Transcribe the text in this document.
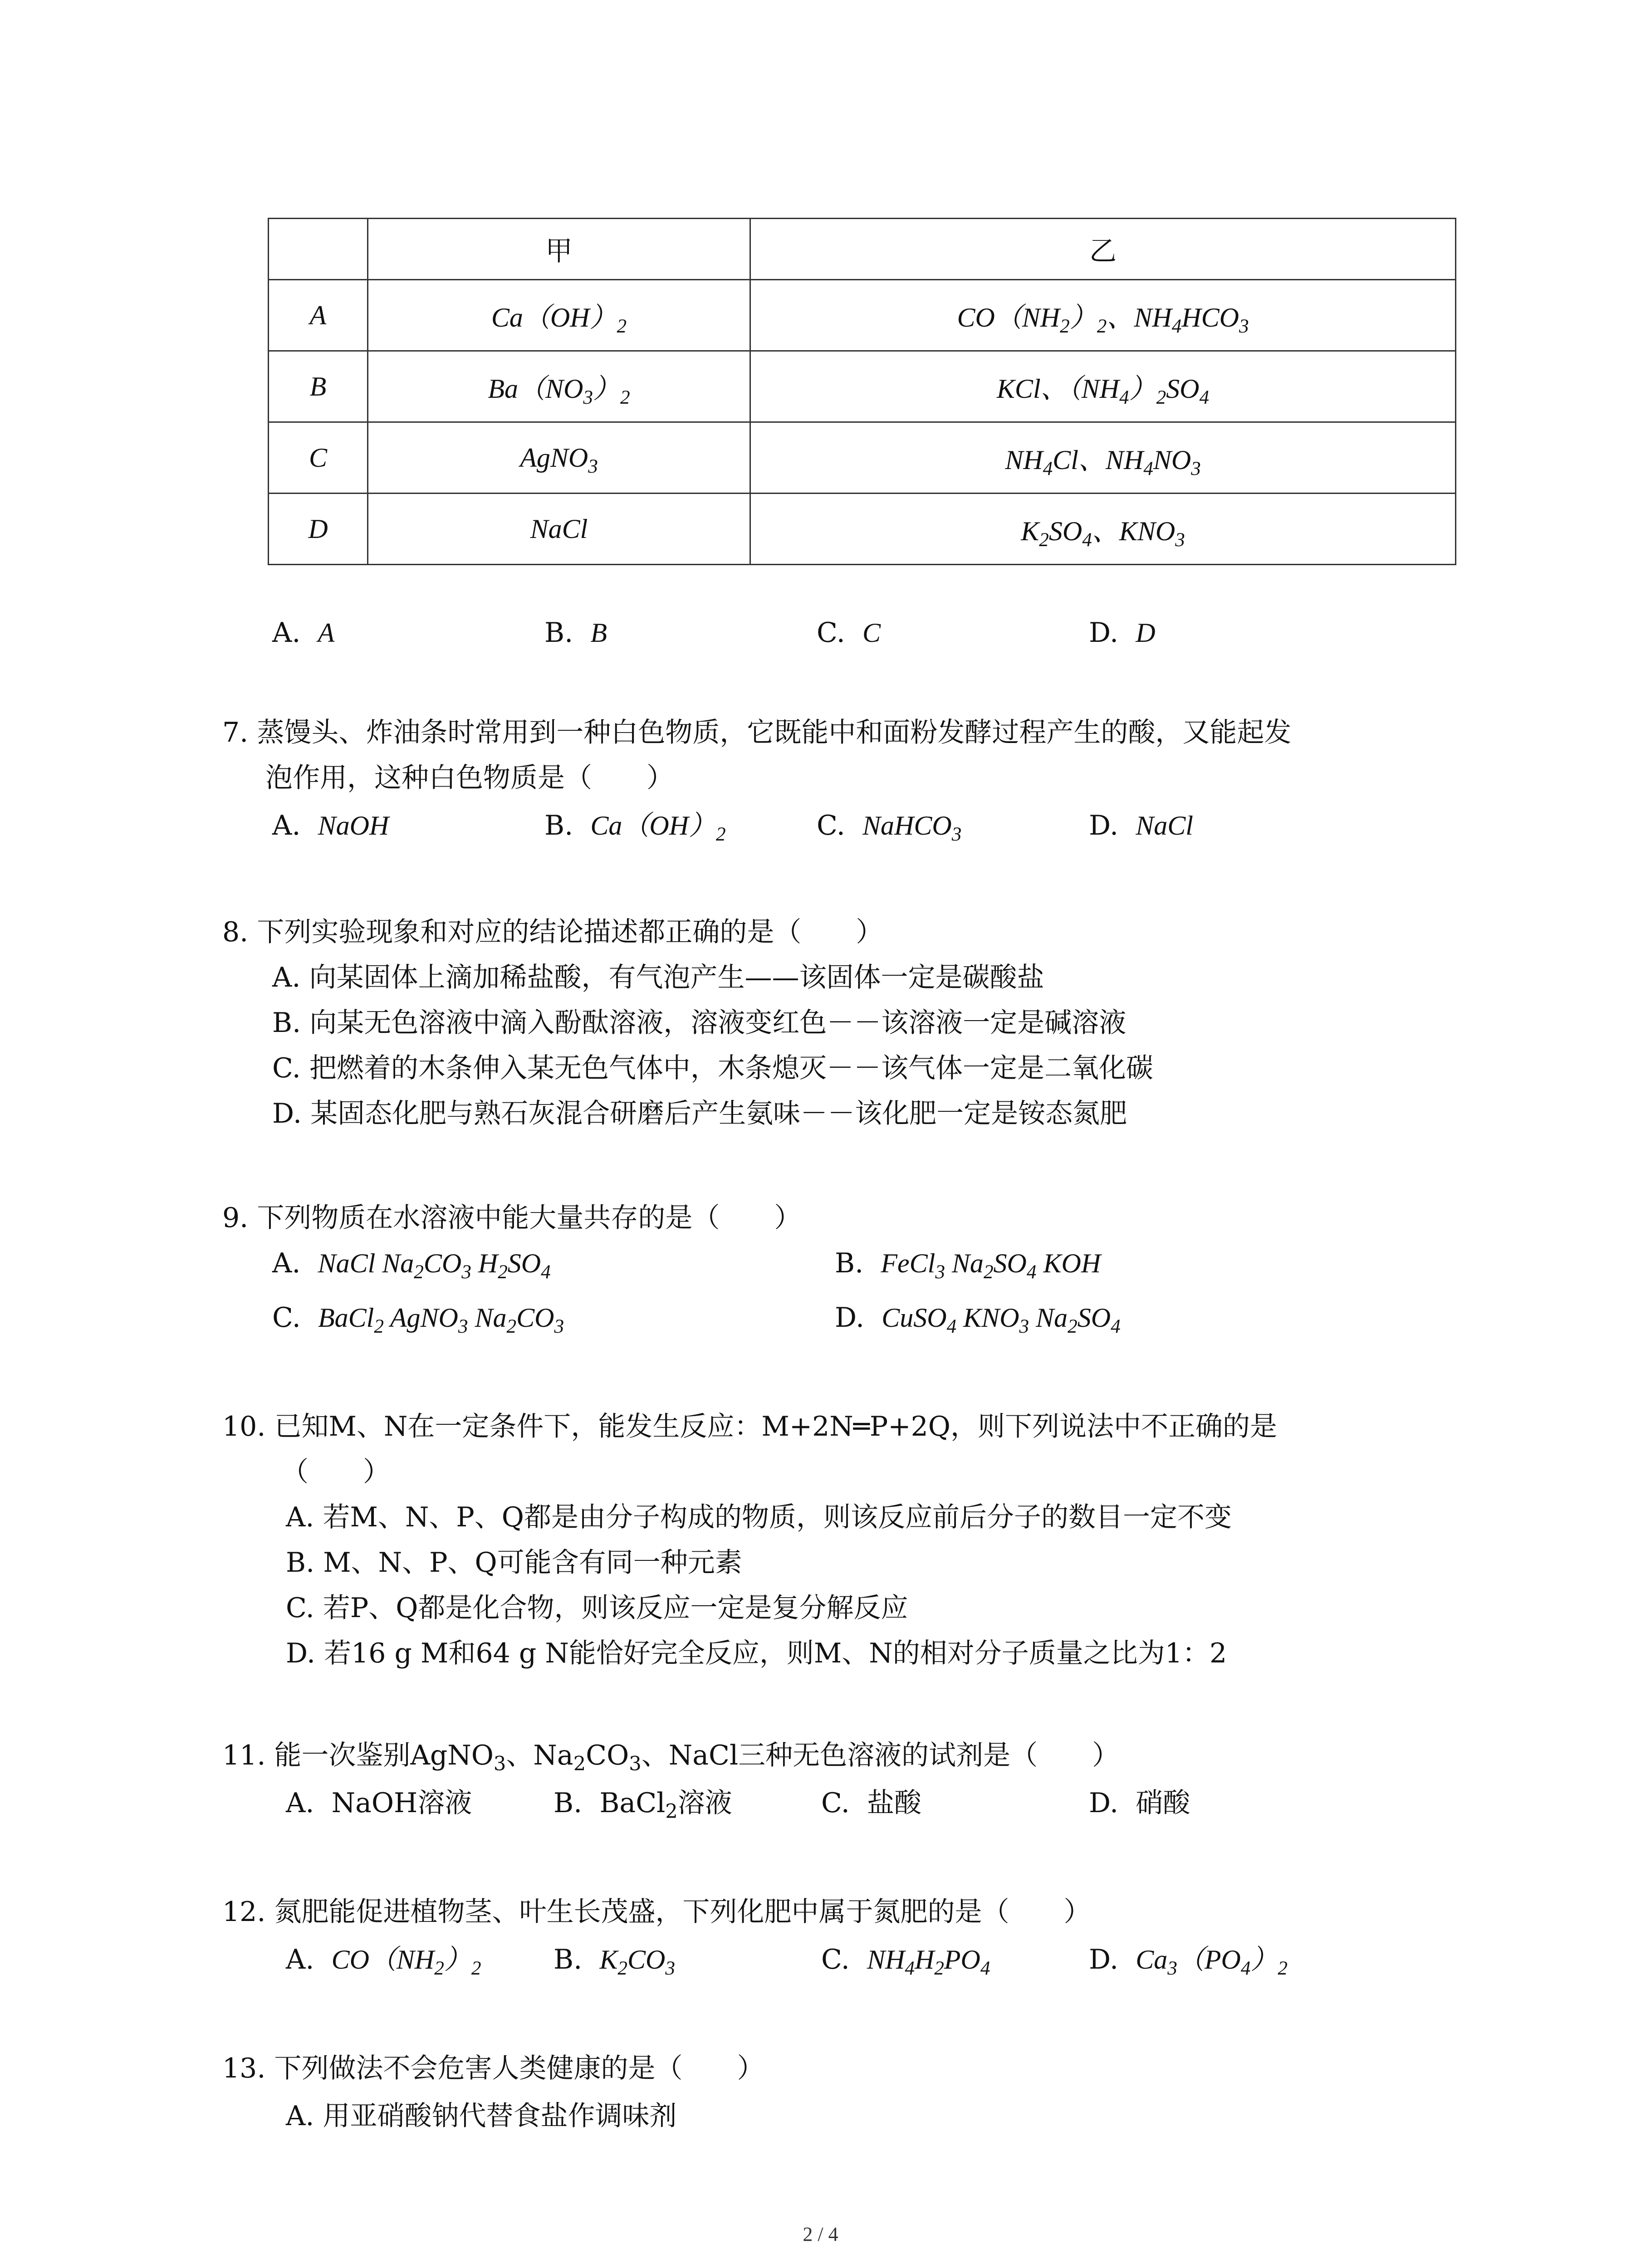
	甲	乙
A	$Ca(OH)_2$	$CO(NH_2)_2$、$NH_4HCO_3$
B	$Ba(NO_3)_2$	KCl、$(NH_4)_2SO_4$
C	AgNO$_3$	$NH_4Cl$、$NH_4NO_3$
D	NaCl	$K_2SO_4$、$KNO_3$
A. A	B. B	C. C	D. D
7. 蒸馒头、炸油条时常用到一种白色物质，它既能中和面粉发酵过程产生的酸，又能起发
泡作用，这种白色物质是（　　）
A. NaOH	B. $Ca(OH)_2$	C. NaHCO$_3$	D. NaCl
8. 下列实验现象和对应的结论描述都正确的是（　　）
A. 向某固体上滴加稀盐酸，有气泡产生——该固体一定是碳酸盐
B. 向某无色溶液中滴入酚酞溶液，溶液变红色－－该溶液一定是碱溶液
C. 把燃着的木条伸入某无色气体中，木条熄灭－－该气体一定是二氧化碳
D. 某固态化肥与熟石灰混合研磨后产生氨味－－该化肥一定是铵态氮肥
9. 下列物质在水溶液中能大量共存的是（　　）
A. NaCl $Na_2CO_3$ $H_2SO_4$	B. FeCl$_3$ $Na_2SO_4$ KOH
C. BaCl$_2$ AgNO$_3$ $Na_2CO_3$	D. CuSO$_4$ $KNO_3$ $Na_2SO_4$
10. 已知M、N在一定条件下，能发生反应：M+2N═P+2Q，则下列说法中不正确的是
（　　）
A. 若M、N、P、Q都是由分子构成的物质，则该反应前后分子的数目一定不变
B. M、N、P、Q可能含有同一种元素
C. 若P、Q都是化合物，则该反应一定是复分解反应
D. 若16 g M和64 g N能恰好完全反应，则M、N的相对分子质量之比为1：2
11. 能一次鉴别AgNO$_3$、$Na_2CO_3$、NaCl三种无色溶液的试剂是（　　）
A. NaOH溶液	B. BaCl$_2$溶液	C. 盐酸	D. 硝酸
12. 氮肥能促进植物茎、叶生长茂盛，下列化肥中属于氮肥的是（　　）
A. $CO(NH_2)_2$	B. $K_2CO_3$	C. $NH_4H_2PO_4$	D. $Ca_3(PO_4)_2$
13. 下列做法不会危害人类健康的是（　　）
A. 用亚硝酸钠代替食盐作调味剂
2 / 4
